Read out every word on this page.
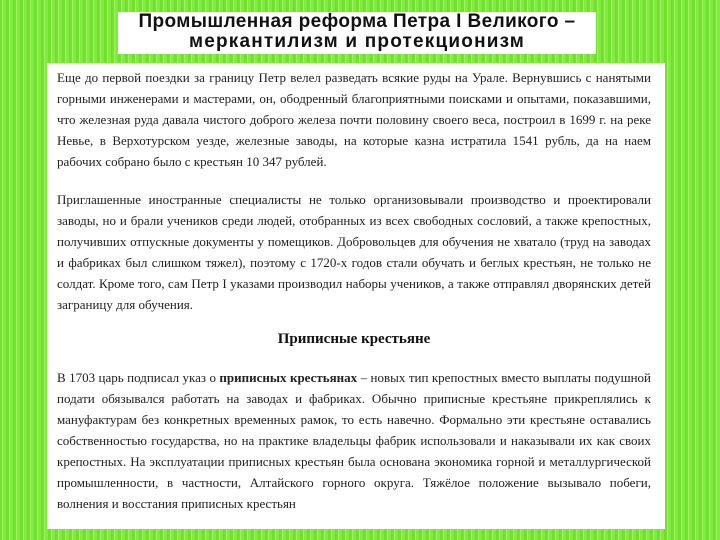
Промышленная реформа Петра I Великого –
меркантилизм и протекционизм

Еще до первой поездки за границу Петр велел разведать всякие руды на Урале. Вернувшись с нанятыми горными инженерами и мастерами, он, ободренный благоприятными поисками и опытами, показавшими, что железная руда давала чистого доброго железа почти половину своего веса, построил в 1699 г. на реке Невье, в Верхотурском уезде, железные заводы, на которые казна истратила 1541 рубль, да на наем рабочих собрано было с крестьян 10 347 рублей.

Приглашенные иностранные специалисты не только организовывали производство и проектировали заводы, но и брали учеников среди людей, отобранных из всех свободных сословий, а также крепостных, получивших отпускные документы у помещиков. Добровольцев для обучения не хватало (труд на заводах и фабриках был слишком тяжел), поэтому с 1720-х годов стали обучать и беглых крестьян, не только не солдат. Кроме того, сам Петр I указами производил наборы учеников, а также отправлял дворянских детей заграницу для обучения.

Приписные крестьяне

В 1703 царь подписал указ о приписных крестьянах – новых тип крепостных вместо выплаты подушной подати обязывался работать на заводах и фабриках. Обычно приписные крестьяне прикреплялись к мануфактурам без конкретных временных рамок, то есть навечно. Формально эти крестьяне оставались собственностью государства, но на практике владельцы фабрик использовали и наказывали их как своих крепостных. На эксплуатации приписных крестьян была основана экономика горной и металлургической промышленности, в частности, Алтайского горного округа. Тяжёлое положение вызывало побеги, волнения и восстания приписных крестьян
